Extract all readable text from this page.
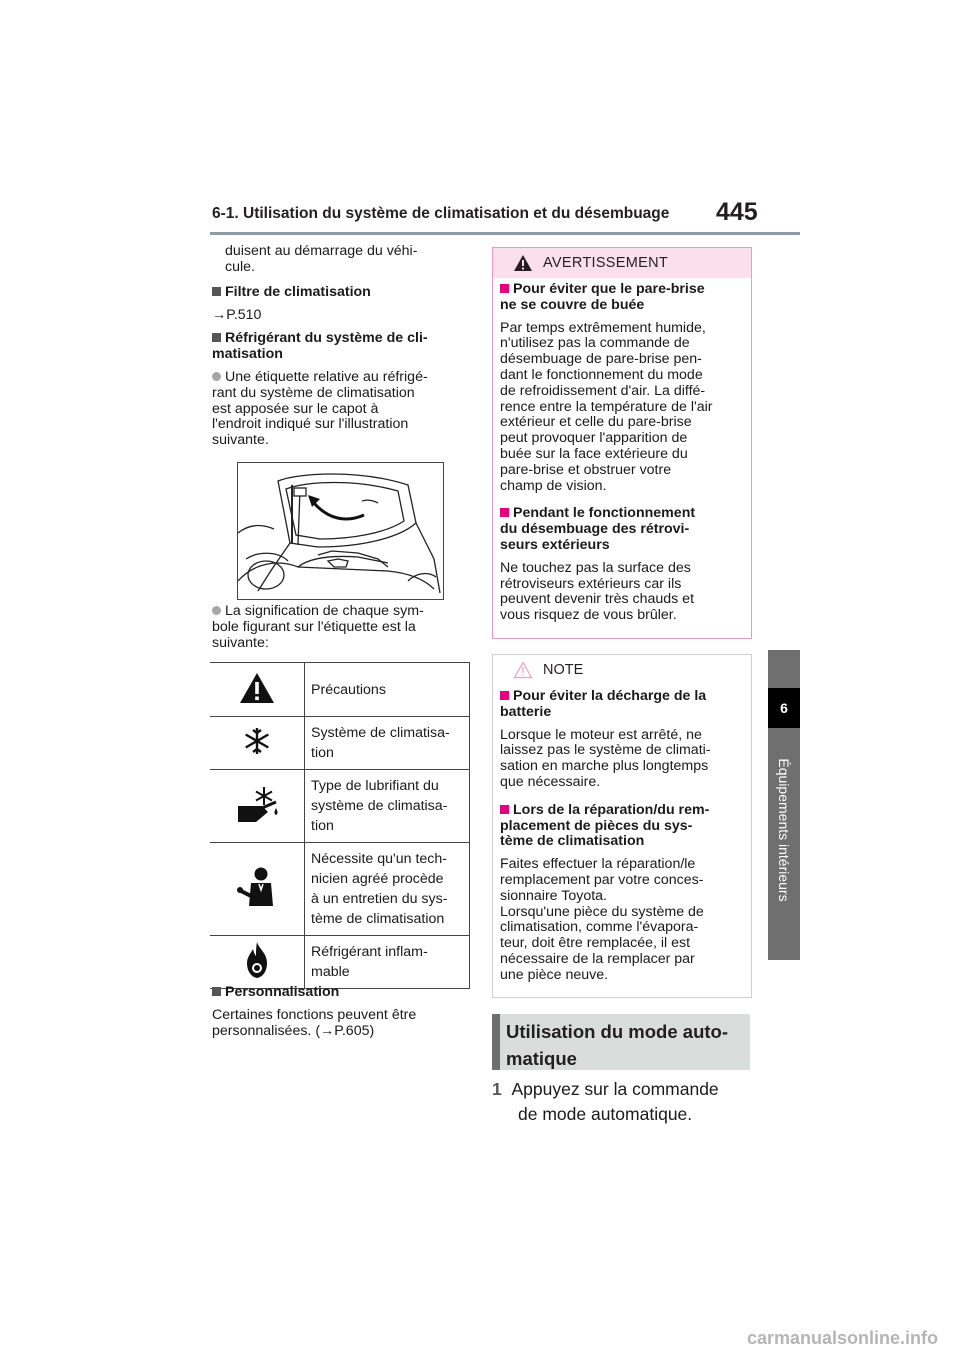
6-1. Utilisation du système de climatisation et du désembuage 445
6
Équipements intérieurs
duisent au démarrage du véhi-
cule.
Filtre de climatisation
→P.510
Réfrigérant du système de cli-
matisation
Une étiquette relative au réfrigé-
rant du système de climatisation
est apposée sur le capot à
l'endroit indiqué sur l'illustration
suivante.
La signification de chaque sym-
bole figurant sur l'étiquette est la
suivante:

Précautions

Système de climatisa-
tion

Type de lubrifiant du
système de climatisa-
tion

Nécessite qu'un tech-
nicien agréé procède
à un entretien du sys-
tème de climatisation

Réfrigérant inflam-
mable
Personnalisation
Certaines fonctions peuvent être
personnalisées. (→P.605)
AVERTISSEMENT
Pour éviter que le pare-brise
ne se couvre de buée
Par temps extrêmement humide,
n'utilisez pas la commande de
désembuage de pare-brise pen-
dant le fonctionnement du mode
de refroidissement d'air. La diffé-
rence entre la température de l'air
extérieur et celle du pare-brise
peut provoquer l'apparition de
buée sur la face extérieure du
pare-brise et obstruer votre
champ de vision.
Pendant le fonctionnement
du désembuage des rétrovi-
seurs extérieurs
Ne touchez pas la surface des
rétroviseurs extérieurs car ils
peuvent devenir très chauds et
vous risquez de vous brûler.
NOTE
Pour éviter la décharge de la
batterie
Lorsque le moteur est arrêté, ne
laissez pas le système de climati-
sation en marche plus longtemps
que nécessaire.
Lors de la réparation/du rem-
placement de pièces du sys-
tème de climatisation
Faites effectuer la réparation/le
remplacement par votre conces-
sionnaire Toyota.
Lorsqu'une pièce du système de
climatisation, comme l'évapora-
teur, doit être remplacée, il est
nécessaire de la remplacer par
une pièce neuve.
Utilisation du mode auto-
matique
1 Appuyez sur la commande
de mode automatique.
carmanualsonline.info
